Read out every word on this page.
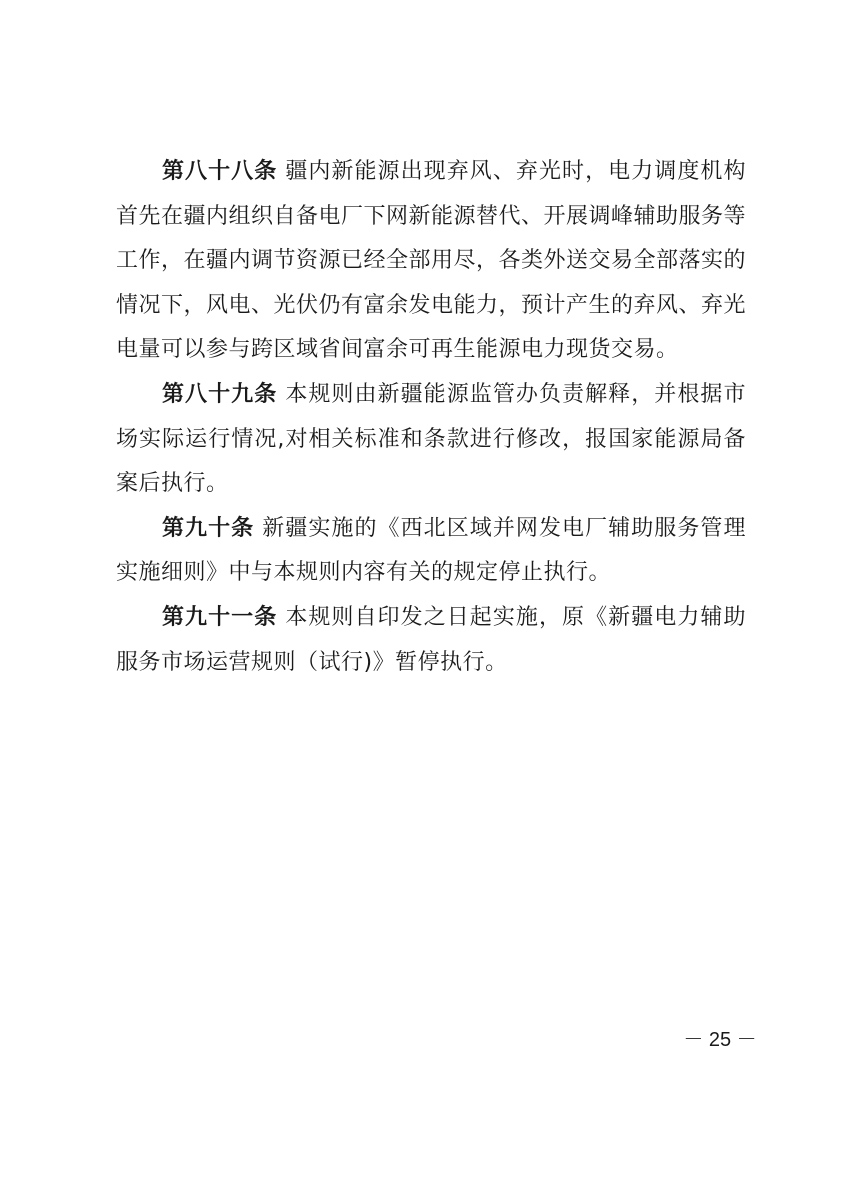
第八十八条 疆内新能源出现弃风、弃光时，电力调度机构首先在疆内组织自备电厂下网新能源替代、开展调峰辅助服务等工作，在疆内调节资源已经全部用尽，各类外送交易全部落实的情况下，风电、光伏仍有富余发电能力，预计产生的弃风、弃光电量可以参与跨区域省间富余可再生能源电力现货交易。

第八十九条 本规则由新疆能源监管办负责解释，并根据市场实际运行情况,对相关标准和条款进行修改，报国家能源局备案后执行。

第九十条 新疆实施的《西北区域并网发电厂辅助服务管理实施细则》中与本规则内容有关的规定停止执行。

第九十一条 本规则自印发之日起实施，原《新疆电力辅助服务市场运营规则（试行)》暂停执行。

－ 25 －
